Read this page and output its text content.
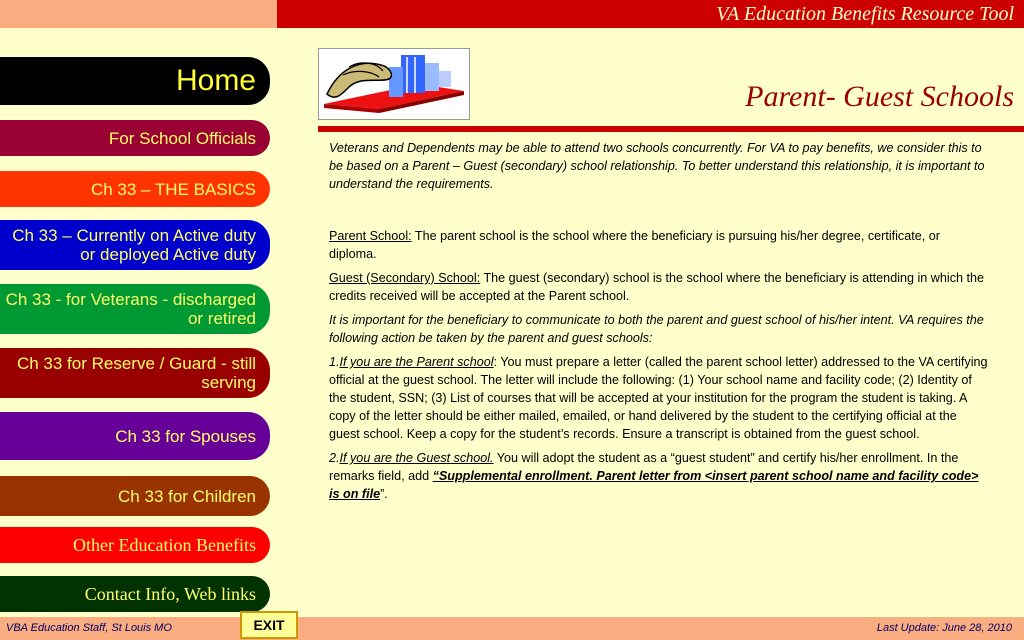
VA Education Benefits Resource Tool
Home
For School Officials
Ch 33 – THE BASICS
Ch 33 – Currently on Active duty or deployed Active duty
Ch 33 - for Veterans - discharged or retired
Ch 33 for Reserve / Guard - still serving
Ch 33 for Spouses
Ch 33 for Children
Other Education Benefits
Contact Info, Web links
Parent- Guest Schools

Veterans and Dependents may be able to attend two schools concurrently. For VA to pay benefits, we consider this to be based on a Parent – Guest (secondary) school relationship. To better understand this relationship, it is important to understand the requirements.

Parent School: The parent school is the school where the beneficiary is pursuing his/her degree, certificate, or diploma.

Guest (Secondary) School: The guest (secondary) school is the school where the beneficiary is attending in which the credits received will be accepted at the Parent school.

It is important for the beneficiary to communicate to both the parent and guest school of his/her intent. VA requires the following action be taken by the parent and guest schools:

1.If you are the Parent school: You must prepare a letter (called the parent school letter) addressed to the VA certifying official at the guest school. The letter will include the following: (1) Your school name and facility code; (2) Identity of the student, SSN; (3) List of courses that will be accepted at your institution for the program the student is taking. A copy of the letter should be either mailed, emailed, or hand delivered by the student to the certifying official at the guest school. Keep a copy for the student’s records. Ensure a transcript is obtained from the guest school.

2.If you are the Guest school. You will adopt the student as a “guest student” and certify his/her enrollment. In the remarks field, add “Supplemental enrollment. Parent letter from <insert parent school name and facility code> is on file”.

VBA Education Staff, St Louis MO	EXIT	Last Update: June 28, 2010
